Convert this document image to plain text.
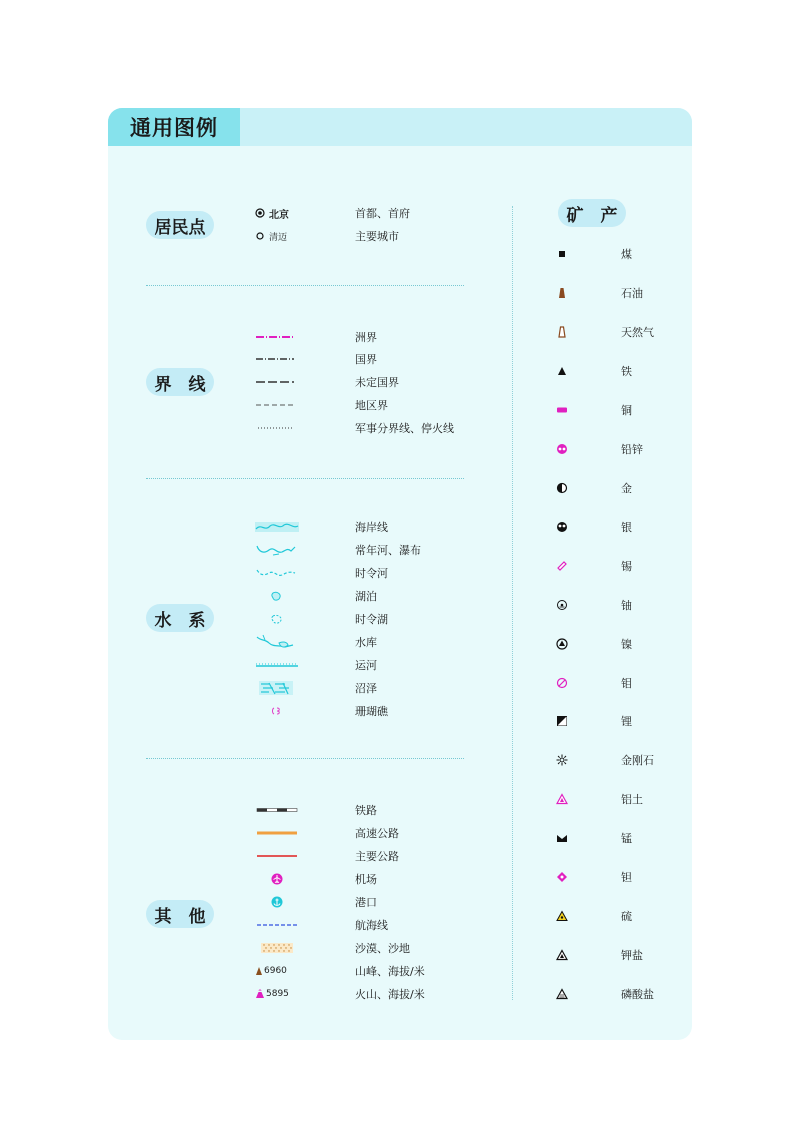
通用图例
居民点
界　线
水　系
其　他
矿　产
北京	首都、首府
清迈	主要城市
洲界
国界
未定国界
地区界
军事分界线、停火线
海岸线
常年河、瀑布
时令河
湖泊
时令湖
水库
运河
沼泽
珊瑚礁
铁路
高速公路
主要公路
机场
港口
航海线
沙漠、沙地
6960	山峰、海拔/米
5895	火山、海拔/米
煤
石油
天然气
铁
铜
铅锌
金
银
锡
铀
镍
钼
锂
金刚石
铝土
锰
钽
硫
钾盐
磷酸盐
